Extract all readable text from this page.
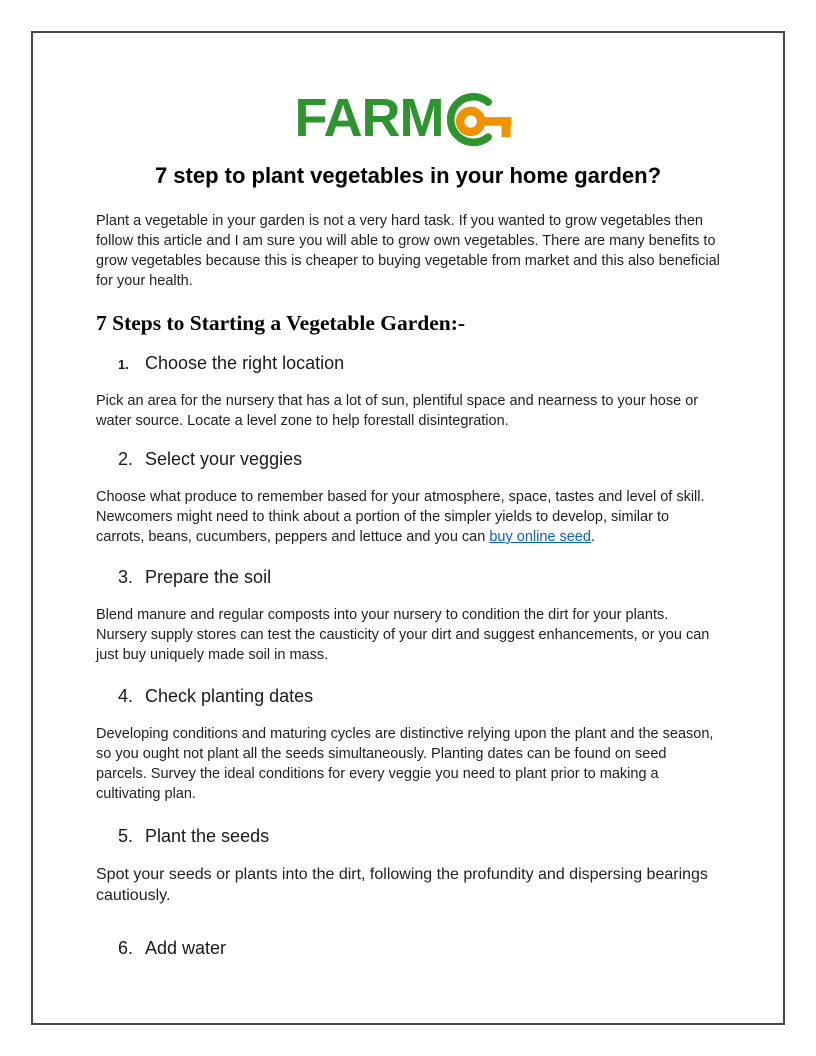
FARM
7 step to plant vegetables in your home garden?

Plant a vegetable in your garden is not a very hard task. If you wanted to grow vegetables then follow this article and I am sure you will able to grow own vegetables. There are many benefits to grow vegetables because this is cheaper to buying vegetable from market and this also beneficial for your health.

7 Steps to Starting a Vegetable Garden:-
1. Choose the right location

Pick an area for the nursery that has a lot of sun, plentiful space and nearness to your hose or water source. Locate a level zone to help forestall disintegration.

2. Select your veggies

Choose what produce to remember based for your atmosphere, space, tastes and level of skill. Newcomers might need to think about a portion of the simpler yields to develop, similar to carrots, beans, cucumbers, peppers and lettuce and you can buy online seed.

3. Prepare the soil

Blend manure and regular composts into your nursery to condition the dirt for your plants. Nursery supply stores can test the causticity of your dirt and suggest enhancements, or you can just buy uniquely made soil in mass.

4. Check planting dates

Developing conditions and maturing cycles are distinctive relying upon the plant and the season, so you ought not plant all the seeds simultaneously. Planting dates can be found on seed parcels. Survey the ideal conditions for every veggie you need to plant prior to making a cultivating plan.

5. Plant the seeds

Spot your seeds or plants into the dirt, following the profundity and dispersing bearings cautiously.

6. Add water
